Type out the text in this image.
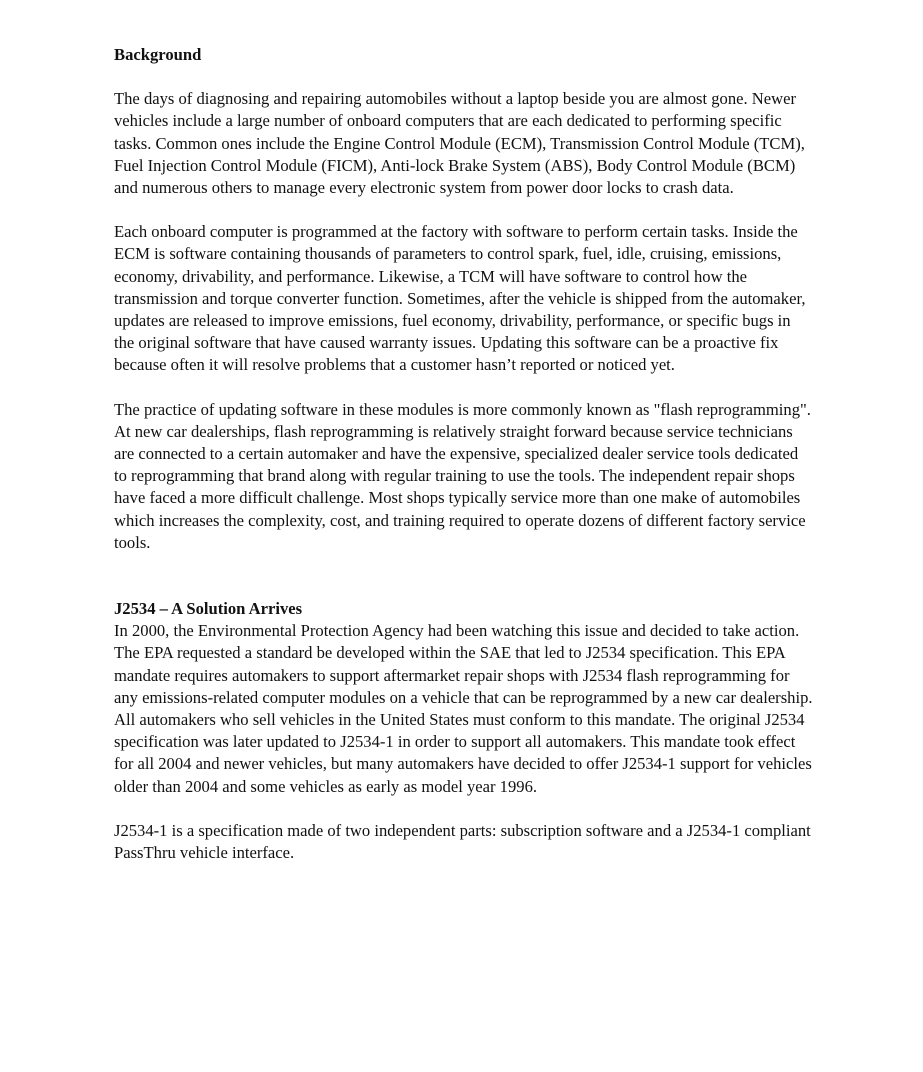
Background

The days of diagnosing and repairing automobiles without a laptop beside you are almost gone. Newer vehicles include a large number of onboard computers that are each dedicated to performing specific tasks. Common ones include the Engine Control Module (ECM), Transmission Control Module (TCM), Fuel Injection Control Module (FICM), Anti-lock Brake System (ABS), Body Control Module (BCM) and numerous others to manage every electronic system from power door locks to crash data.

Each onboard computer is programmed at the factory with software to perform certain tasks. Inside the ECM is software containing thousands of parameters to control spark, fuel, idle, cruising, emissions, economy, drivability, and performance. Likewise, a TCM will have software to control how the transmission and torque converter function. Sometimes, after the vehicle is shipped from the automaker, updates are released to improve emissions, fuel economy, drivability, performance, or specific bugs in the original software that have caused warranty issues. Updating this software can be a proactive fix because often it will resolve problems that a customer hasn’t reported or noticed yet.

The practice of updating software in these modules is more commonly known as "flash reprogramming". At new car dealerships, flash reprogramming is relatively straight forward because service technicians are connected to a certain automaker and have the expensive, specialized dealer service tools dedicated to reprogramming that brand along with regular training to use the tools. The independent repair shops have faced a more difficult challenge. Most shops typically service more than one make of automobiles which increases the complexity, cost, and training required to operate dozens of different factory service tools.

J2534 – A Solution Arrives

In 2000, the Environmental Protection Agency had been watching this issue and decided to take action. The EPA requested a standard be developed within the SAE that led to J2534 specification. This EPA mandate requires automakers to support aftermarket repair shops with J2534 flash reprogramming for any emissions-related computer modules on a vehicle that can be reprogrammed by a new car dealership. All automakers who sell vehicles in the United States must conform to this mandate. The original J2534 specification was later updated to J2534-1 in order to support all automakers. This mandate took effect for all 2004 and newer vehicles, but many automakers have decided to offer J2534-1 support for vehicles older than 2004 and some vehicles as early as model year 1996.

J2534-1 is a specification made of two independent parts: subscription software and a J2534-1 compliant PassThru vehicle interface.
